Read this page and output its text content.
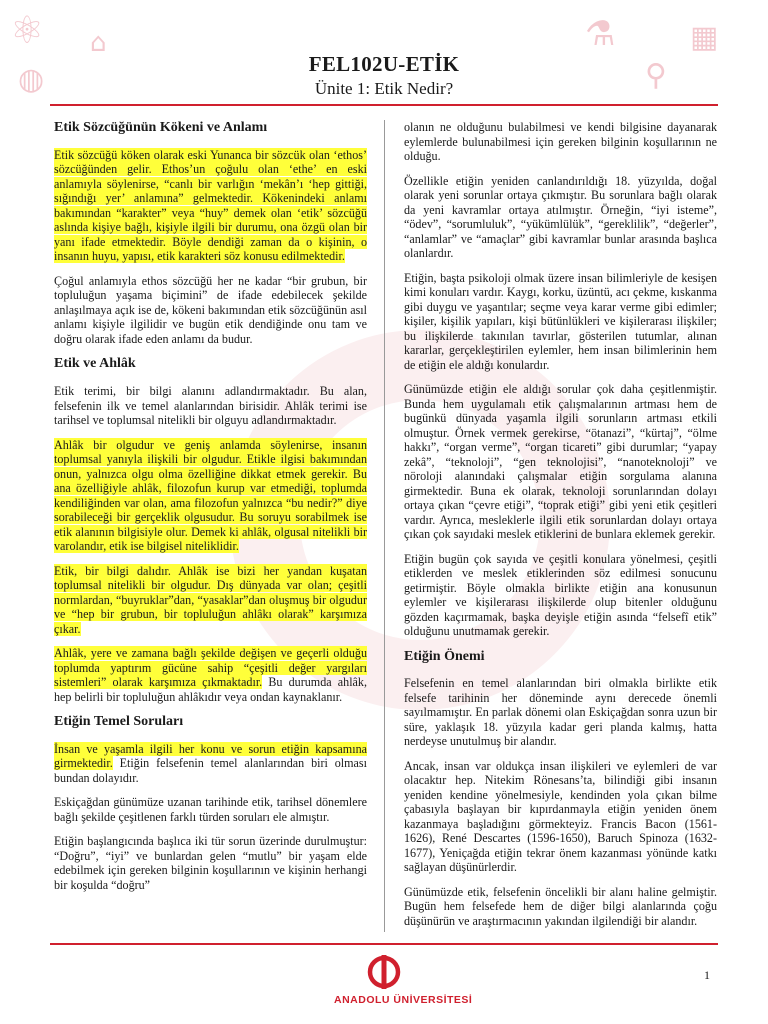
⚛
◍
⌂	⚗ ▦
⚲
FEL102U-ETİK
Ünite 1: Etik Nedir?
Etik Sözcüğünün Kökeni ve Anlamı

Etik sözcüğü köken olarak eski Yunanca bir sözcük olan ‘ethos’ sözcüğünden gelir. Ethos’un çoğulu olan ‘ethe’ en eski anlamıyla söylenirse, “canlı bir varlığın ‘mekân’ı ‘hep gittiği, sığındığı yer’ anlamına” gelmektedir. Kökenindeki anlamı bakımından “karakter” veya “huy” demek olan ‘etik’ sözcüğü aslında kişiye bağlı, kişiyle ilgili bir durumu, ona özgü olan bir yanı ifade etmektedir. Böyle dendiği zaman da o kişinin, o insanın huyu, yapısı, etik karakteri söz konusu edilmektedir.

Çoğul anlamıyla ethos sözcüğü her ne kadar “bir grubun, bir topluluğun yaşama biçimini” de ifade edebilecek şekilde anlaşılmaya açık ise de, kökeni bakımından etik sözcüğünün asıl anlamı kişiyle ilgilidir ve bugün etik dendiğinde onu tam ve doğru olarak ifade eden anlamı da budur.

Etik ve Ahlâk

Etik terimi, bir bilgi alanını adlandırmaktadır. Bu alan, felsefenin ilk ve temel alanlarından birisidir. Ahlâk terimi ise tarihsel ve toplumsal nitelikli bir olguyu adlandırmaktadır.

Ahlâk bir olgudur ve geniş anlamda söylenirse, insanın toplumsal yanıyla ilişkili bir olgudur. Etikle ilgisi bakımından onun, yalnızca olgu olma özelliğine dikkat etmek gerekir. Bu ana özelliğiyle ahlâk, filozofun kurup var etmediği, toplumda kendiliğinden var olan, ama filozofun yalnızca “bu nedir?” diye sorabileceği bir gerçeklik olgusudur. Bu soruyu sorabilmek ise etik alanının bilgisiyle olur. Demek ki ahlâk, olgusal nitelikli bir varolandır, etik ise bilgisel niteliklidir.

Etik, bir bilgi dalıdır. Ahlâk ise bizi her yandan kuşatan toplumsal nitelikli bir olgudur. Dış dünyada var olan; çeşitli normlardan, “buyruklar”dan, “yasaklar”dan oluşmuş bir olgudur ve “hep bir grubun, bir topluluğun ahlâkı olarak” karşımıza çıkar.

Ahlâk, yere ve zamana bağlı şekilde değişen ve geçerli olduğu toplumda yaptırım gücüne sahip “çeşitli değer yargıları sistemleri” olarak karşımıza çıkmaktadır. Bu durumda ahlâk, hep belirli bir topluluğun ahlâkıdır veya ondan kaynaklanır.

Etiğin Temel Soruları

İnsan ve yaşamla ilgili her konu ve sorun etiğin kapsamına girmektedir. Etiğin felsefenin temel alanlarından biri olması bundan dolayıdır.

Eskiçağdan günümüze uzanan tarihinde etik, tarihsel dönemlere bağlı şekilde çeşitlenen farklı türden soruları ele almıştır.

Etiğin başlangıcında başlıca iki tür sorun üzerinde durulmuştur: “Doğru”, “iyi” ve bunlardan gelen “mutlu” bir yaşam elde edebilmek için gereken bilginin koşullarının ve kişinin herhangi bir koşulda “doğru”

olanın ne olduğunu bulabilmesi ve kendi bilgisine dayanarak eylemlerde bulunabilmesi için gereken bilginin koşullarının ne olduğu.

Özellikle etiğin yeniden canlandırıldığı 18. yüzyılda, doğal olarak yeni sorunlar ortaya çıkmıştır. Bu sorunlara bağlı olarak da yeni kavramlar ortaya atılmıştır. Örneğin, “iyi isteme”, “ödev”, “sorumluluk”, “yükümlülük”, “gereklilik”, “değerler”, “anlamlar” ve “amaçlar” gibi kavramlar bunlar arasında başlıca olanlardır.

Etiğin, başta psikoloji olmak üzere insan bilimleriyle de kesişen kimi konuları vardır. Kaygı, korku, üzüntü, acı çekme, kıskanma gibi duygu ve yaşantılar; seçme veya karar verme gibi edimler; kişiler, kişilik yapıları, kişi bütünlükleri ve kişilerarası ilişkiler; bu ilişkilerde takınılan tavırlar, gösterilen tutumlar, alınan kararlar, gerçekleştirilen eylemler, hem insan bilimlerinin hem de etiğin ele aldığı konulardır.

Günümüzde etiğin ele aldığı sorular çok daha çeşitlenmiştir. Bunda hem uygulamalı etik çalışmalarının artması hem de bugünkü dünyada yaşamla ilgili sorunların artması etkili olmuştur. Örnek vermek gerekirse, “ötanazi”, “kürtaj”, “ölme hakkı”, “organ verme”, “organ ticareti” gibi durumlar; “yapay zekâ”, “teknoloji”, “gen teknolojisi”, “nanoteknoloji” ve nöroloji alanındaki çalışmalar etiğin sorgulama alanına girmektedir. Buna ek olarak, teknoloji sorunlarından dolayı ortaya çıkan “çevre etiği”, “toprak etiği” gibi yeni etik çeşitleri vardır. Ayrıca, mesleklerle ilgili etik sorunlardan dolayı ortaya çıkan çok sayıdaki meslek etiklerini de bunlara eklemek gerekir.

Etiğin bugün çok sayıda ve çeşitli konulara yönelmesi, çeşitli etiklerden ve meslek etiklerinden söz edilmesi sonucunu getirmiştir. Böyle olmakla birlikte etiğin ana konusunun eylemler ve kişilerarası ilişkilerde olup bitenler olduğunu gözden kaçırmamak, başka deyişle etiğin asında “felsefî etik” olduğunu unutmamak gerekir.

Etiğin Önemi

Felsefenin en temel alanlarından biri olmakla birlikte etik felsefe tarihinin her döneminde aynı derecede önemli sayılmamıştır. En parlak dönemi olan Eskiçağdan sonra uzun bir süre, yaklaşık 18. yüzyıla kadar geri planda kalmış, hatta nerdeyse unutulmuş bir alandır.

Ancak, insan var oldukça insan ilişkileri ve eylemleri de var olacaktır hep. Nitekim Rönesans’ta, bilindiği gibi insanın yeniden kendine yönelmesiyle, kendinden yola çıkan bilme çabasıyla başlayan bir kıpırdanmayla etiğin yeniden önem kazanmaya başladığını görmekteyiz. Francis Bacon (1561-1626), René Descartes (1596-1650), Baruch Spinoza (1632-1677), Yeniçağda etiğin tekrar önem kazanması yönünde katkı sağlayan düşünürlerdir.

Günümüzde etik, felsefenin öncelikli bir alanı haline gelmiştir. Bugün hem felsefede hem de diğer bilgi alanlarında çoğu düşünürün ve araştırmacının yakından ilgilendiği bir alandır.

ANADOLU ÜNİVERSİTESİ
1
